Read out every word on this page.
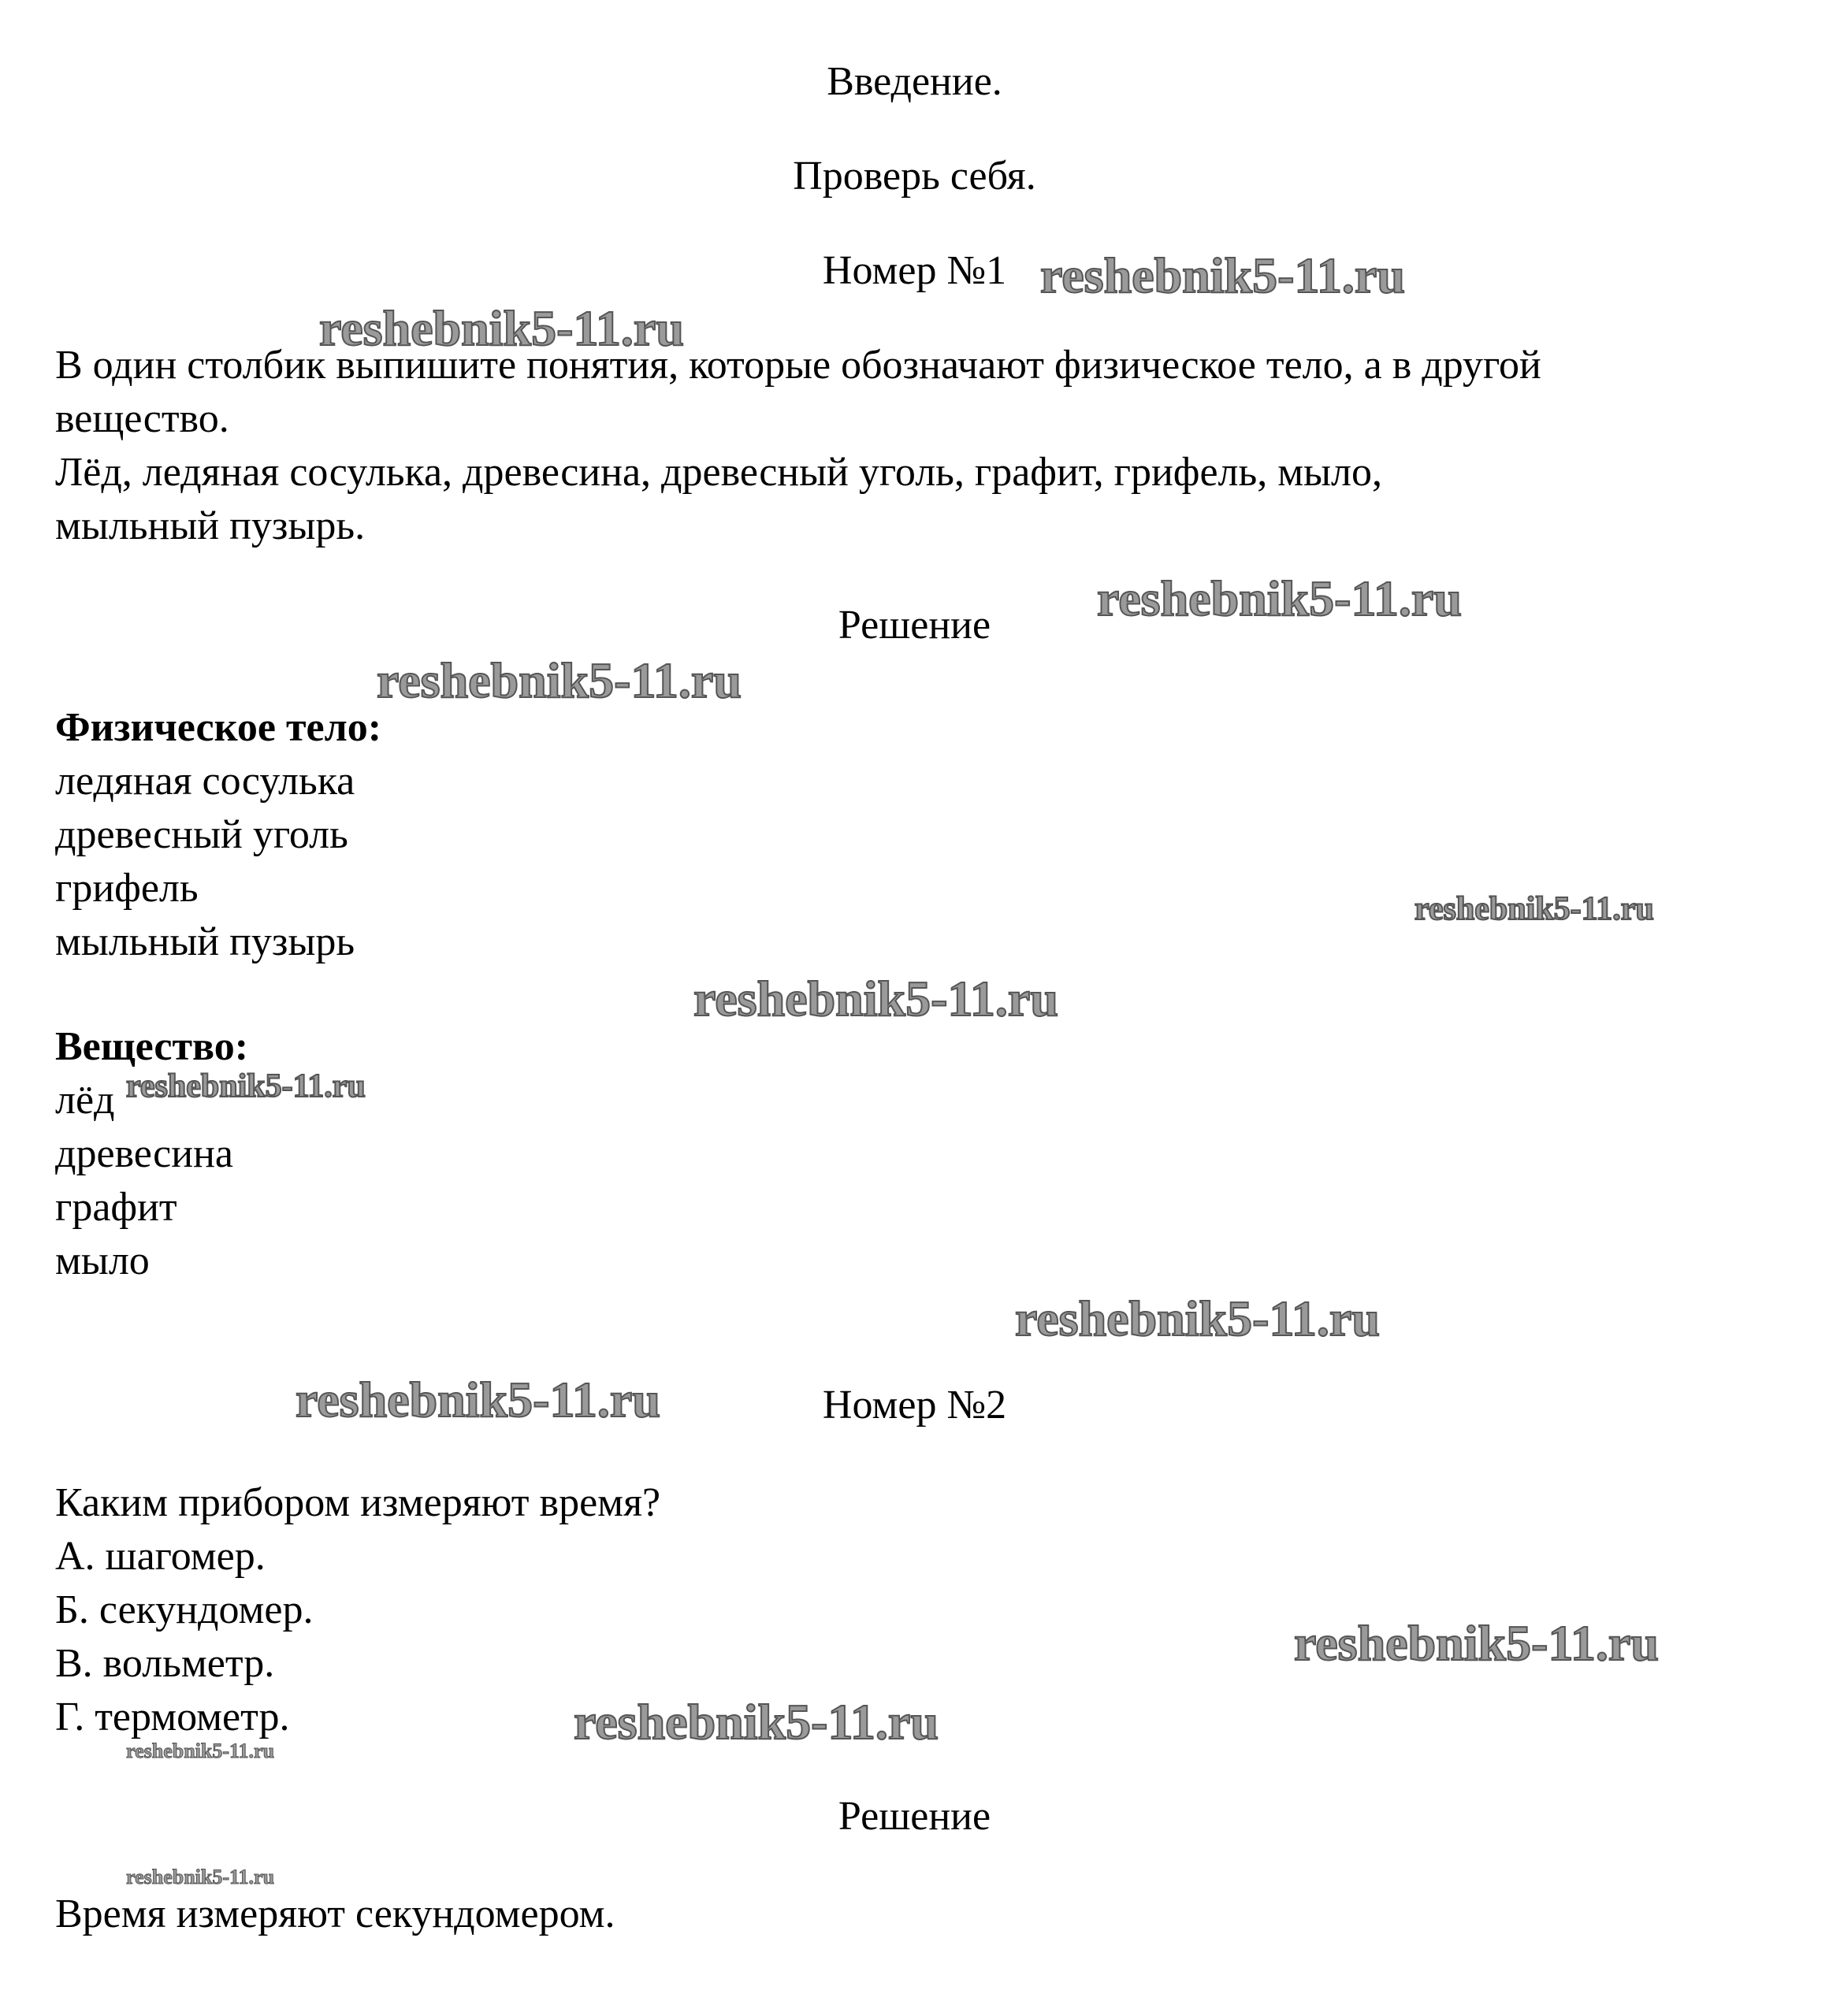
Введение.
Проверь себя.
Номер №1
В один столбик выпишите понятия, которые обозначают физическое тело, а в другой
вещество.
Лёд, ледяная сосулька, древесина, древесный уголь, графит, грифель, мыло,
мыльный пузырь.
Решение
Физическое тело:
ледяная сосулька
древесный уголь
грифель
мыльный пузырь
Вещество:
лёд
древесина
графит
мыло
Номер №2
Каким прибором измеряют время?
А. шагомер.
Б. секундомер.
В. вольметр.
Г. термометр.
Решение
Время измеряют секундомером.
reshebnik5-11.ru
reshebnik5-11.ru
reshebnik5-11.ru
reshebnik5-11.ru
reshebnik5-11.ru
reshebnik5-11.ru
reshebnik5-11.ru
reshebnik5-11.ru
reshebnik5-11.ru
reshebnik5-11.ru
reshebnik5-11.ru
reshebnik5-11.ru
reshebnik5-11.ru
